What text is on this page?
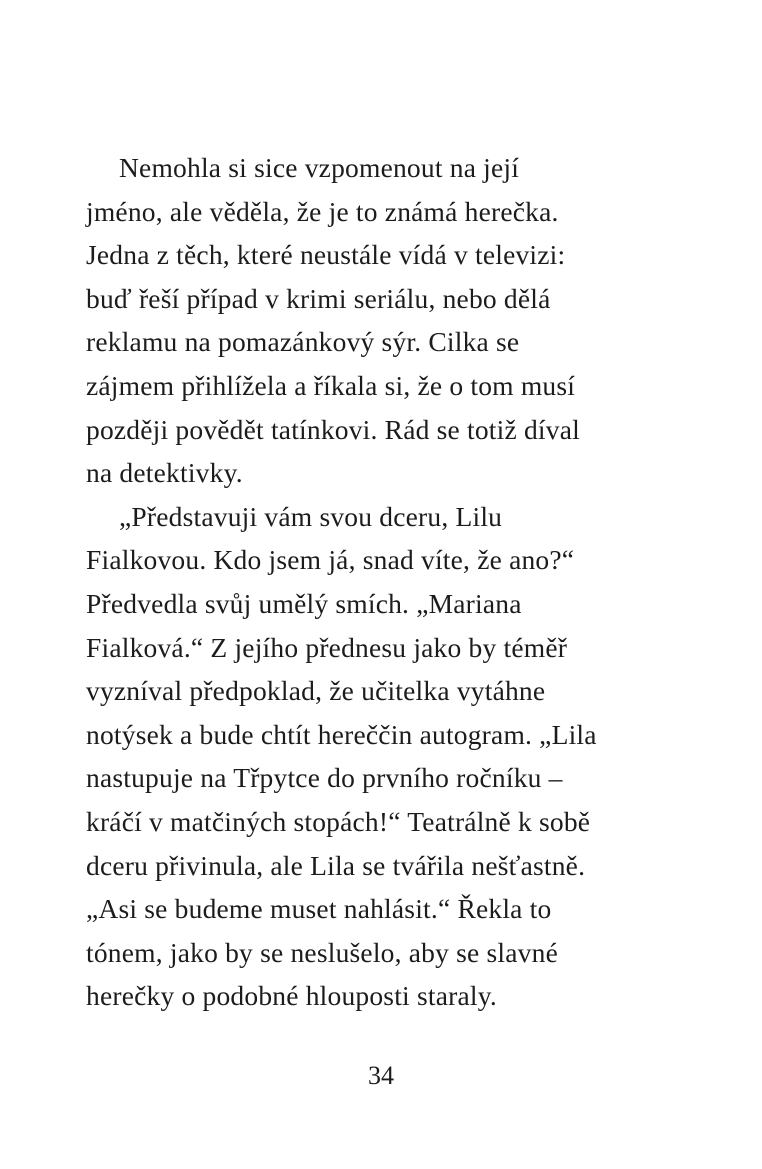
Nemohla si sice vzpomenout na její
jméno, ale věděla, že je to známá herečka.
Jedna z těch, které neustále vídá v televizi:
buď řeší případ v krimi seriálu, nebo dělá
reklamu na pomazánkový sýr. Cilka se
zájmem přihlížela a říkala si, že o tom musí
později povědět tatínkovi. Rád se totiž díval
na detektivky.
„Představuji vám svou dceru, Lilu
Fialkovou. Kdo jsem já, snad víte, že ano?“
Předvedla svůj umělý smích. „Mariana
Fialková.“ Z jejího přednesu jako by téměř
vyzníval předpoklad, že učitelka vytáhne
notýsek a bude chtít hereččin autogram. „Lila
nastupuje na Třpytce do prvního ročníku –
kráčí v matčiných stopách!“ Teatrálně k sobě
dceru přivinula, ale Lila se tvářila nešťastně.
„Asi se budeme muset nahlásit.“ Řekla to
tónem, jako by se neslušelo, aby se slavné
herečky o podobné hlouposti staraly.
34
